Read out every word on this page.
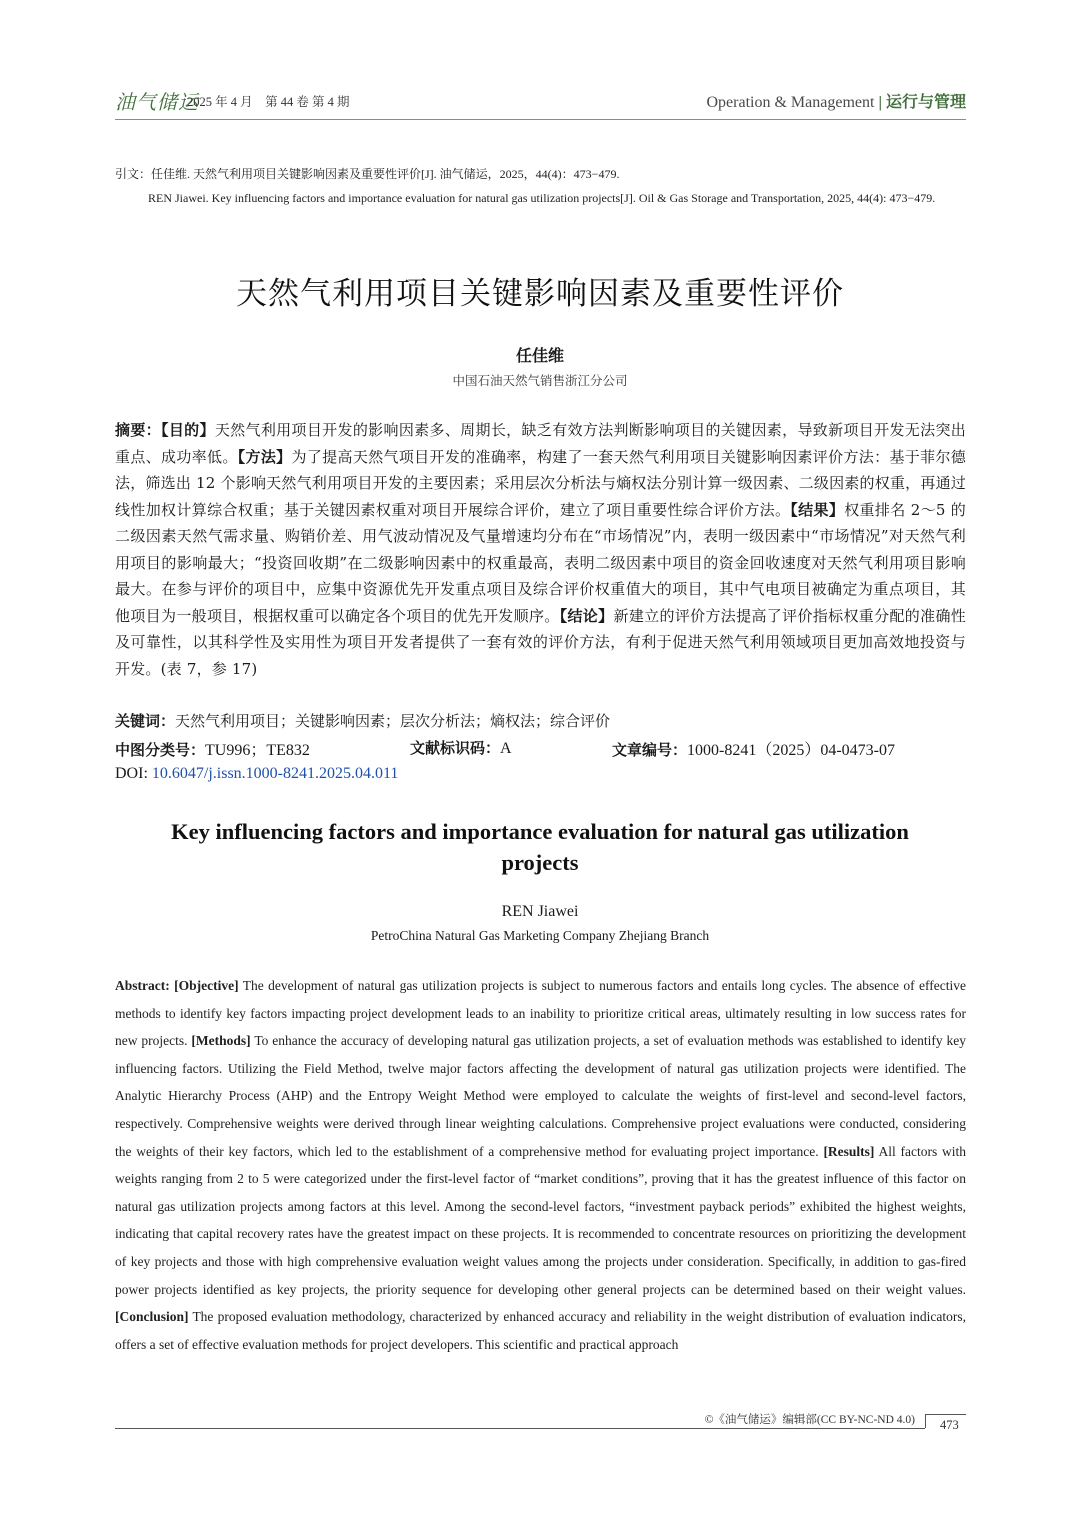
油气储运
2025 年 4 月　第 44 卷 第 4 期	Operation & Management | 运行与管理
引文：任佳维. 天然气利用项目关键影响因素及重要性评价[J]. 油气储运，2025，44(4)：473−479.
REN Jiawei. Key influencing factors and importance evaluation for natural gas utilization projects[J]. Oil & Gas Storage and Transportation, 2025, 44(4): 473−479.
天然气利用项目关键影响因素及重要性评价
任佳维
中国石油天然气销售浙江分公司
摘要：【目的】天然气利用项目开发的影响因素多、周期长，缺乏有效方法判断影响项目的关键因素，导致新项目开发无法突出重点、成功率低。【方法】为了提高天然气项目开发的准确率，构建了一套天然气利用项目关键影响因素评价方法：基于菲尔德法，筛选出 12 个影响天然气利用项目开发的主要因素；采用层次分析法与熵权法分别计算一级因素、二级因素的权重，再通过线性加权计算综合权重；基于关键因素权重对项目开展综合评价，建立了项目重要性综合评价方法。【结果】权重排名 2～5 的二级因素天然气需求量、购销价差、用气波动情况及气量增速均分布在“市场情况”内，表明一级因素中“市场情况”对天然气利用项目的影响最大；“投资回收期”在二级影响因素中的权重最高，表明二级因素中项目的资金回收速度对天然气利用项目影响最大。在参与评价的项目中，应集中资源优先开发重点项目及综合评价权重值大的项目，其中气电项目被确定为重点项目，其他项目为一般项目，根据权重可以确定各个项目的优先开发顺序。【结论】新建立的评价方法提高了评价指标权重分配的准确性及可靠性，以其科学性及实用性为项目开发者提供了一套有效的评价方法，有利于促进天然气利用领域项目更加高效地投资与开发。(表 7，参 17)
关键词：天然气利用项目；关键影响因素；层次分析法；熵权法；综合评价
中图分类号：TU996；TE832	文献标识码：A	文章编号：1000-8241（2025）04-0473-07
DOI: 10.6047/j.issn.1000-8241.2025.04.011
Key influencing factors and importance evaluation for natural gas utilization projects
REN Jiawei
PetroChina Natural Gas Marketing Company Zhejiang Branch
Abstract: [Objective] The development of natural gas utilization projects is subject to numerous factors and entails long cycles. The absence of effective methods to identify key factors impacting project development leads to an inability to prioritize critical areas, ultimately resulting in low success rates for new projects. [Methods] To enhance the accuracy of developing natural gas utilization projects, a set of evaluation methods was established to identify key influencing factors. Utilizing the Field Method, twelve major factors affecting the development of natural gas utilization projects were identified. The Analytic Hierarchy Process (AHP) and the Entropy Weight Method were employed to calculate the weights of first-level and second-level factors, respectively. Comprehensive weights were derived through linear weighting calculations. Comprehensive project evaluations were conducted, considering the weights of their key factors, which led to the establishment of a comprehensive method for evaluating project importance. [Results] All factors with weights ranging from 2 to 5 were categorized under the first-level factor of “market conditions”, proving that it has the greatest influence of this factor on natural gas utilization projects among factors at this level. Among the second-level factors, “investment payback periods” exhibited the highest weights, indicating that capital recovery rates have the greatest impact on these projects. It is recommended to concentrate resources on prioritizing the development of key projects and those with high comprehensive evaluation weight values among the projects under consideration. Specifically, in addition to gas-fired power projects identified as key projects, the priority sequence for developing other general projects can be determined based on their weight values. [Conclusion] The proposed evaluation methodology, characterized by enhanced accuracy and reliability in the weight distribution of evaluation indicators, offers a set of effective evaluation methods for project developers. This scientific and practical approach
©《油气储运》编辑部(CC BY-NC-ND 4.0) 473
